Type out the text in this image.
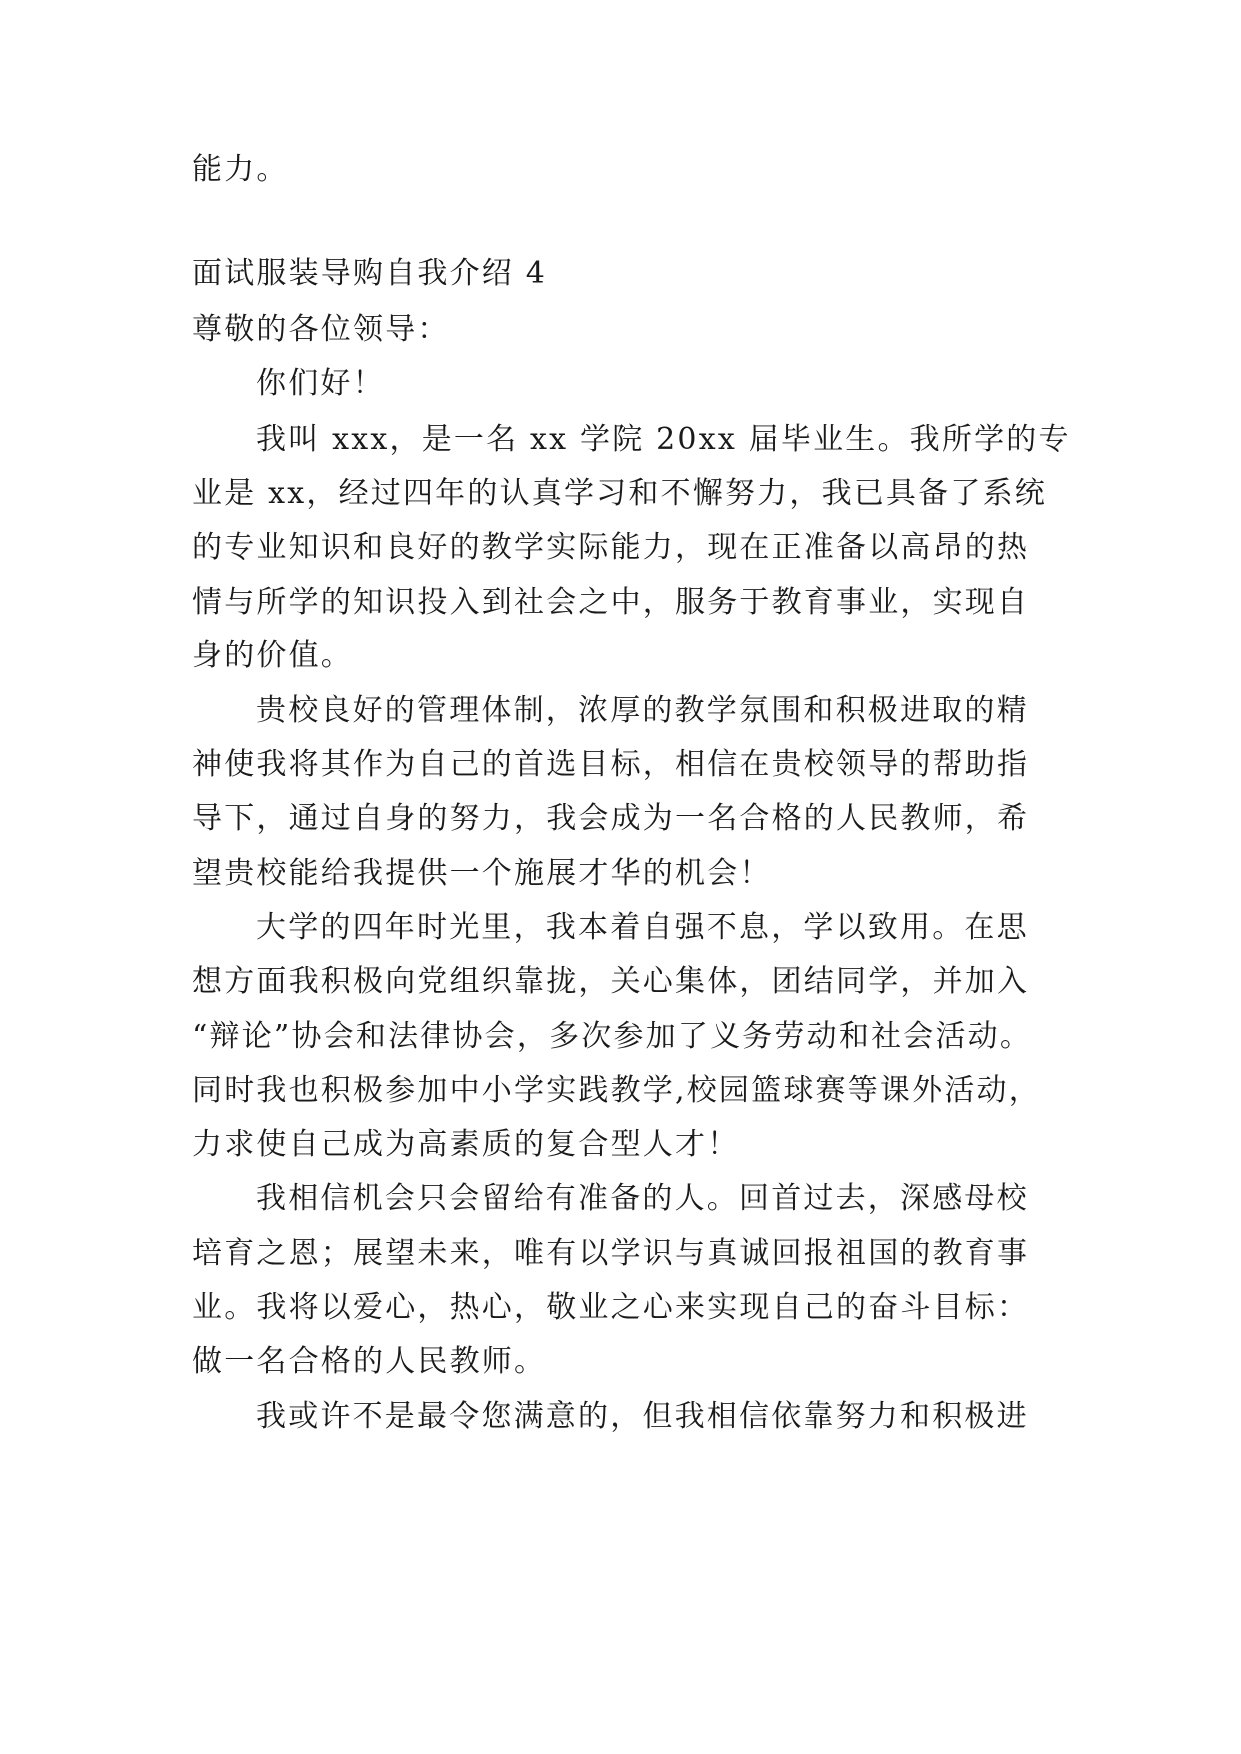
能力。
面试服装导购自我介绍 4
尊敬的各位领导：
你们好！
我叫 xxx，是一名 xx 学院 20xx 届毕业生。我所学的专
业是 xx，经过四年的认真学习和不懈努力，我已具备了系统
的专业知识和良好的教学实际能力，现在正准备以高昂的热
情与所学的知识投入到社会之中，服务于教育事业，实现自
身的价值。
贵校良好的管理体制，浓厚的教学氛围和积极进取的精
神使我将其作为自己的首选目标，相信在贵校领导的帮助指
导下，通过自身的努力，我会成为一名合格的人民教师，希
望贵校能给我提供一个施展才华的机会！
大学的四年时光里，我本着自强不息，学以致用。在思
想方面我积极向党组织靠拢，关心集体，团结同学，并加入
“辩论”协会和法律协会，多次参加了义务劳动和社会活动。
同时我也积极参加中小学实践教学,校园篮球赛等课外活动，
力求使自己成为高素质的复合型人才！
我相信机会只会留给有准备的人。回首过去，深感母校
培育之恩；展望未来，唯有以学识与真诚回报祖国的教育事
业。我将以爱心，热心，敬业之心来实现自己的奋斗目标：
做一名合格的人民教师。
我或许不是最令您满意的，但我相信依靠努力和积极进
